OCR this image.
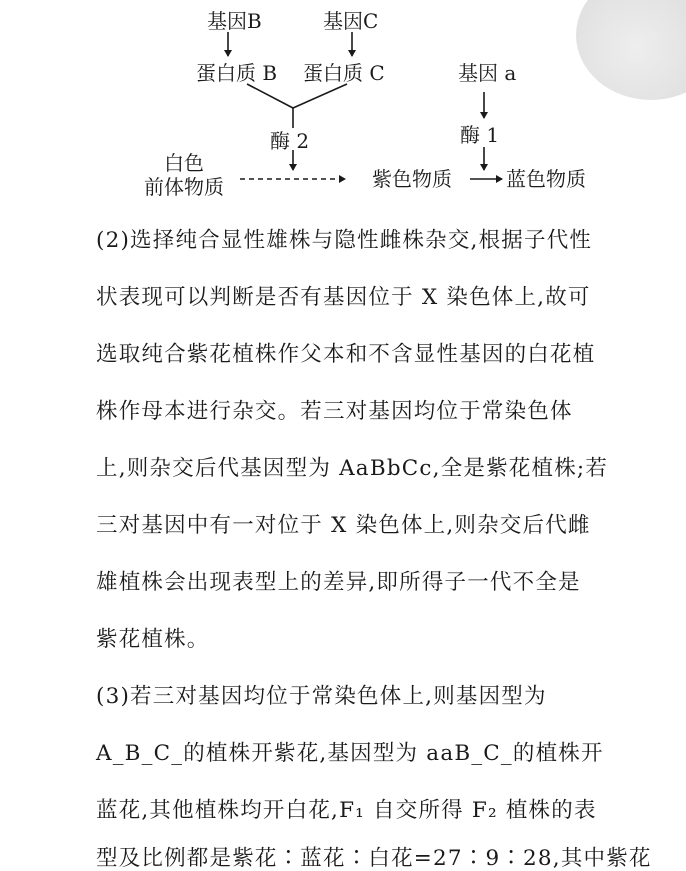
基因B	基因C
蛋白质 B 蛋白质 C
酶 2
白色
前体物质	紫色物质
基因 a
酶 1
蓝色物质
(2)选择纯合显性雄株与隐性雌株杂交,根据子代性
状表现可以判断是否有基因位于 X 染色体上,故可
选取纯合紫花植株作父本和不含显性基因的白花植
株作母本进行杂交。若三对基因均位于常染色体
上,则杂交后代基因型为 AaBbCc,全是紫花植株;若
三对基因中有一对位于 X 染色体上,则杂交后代雌
雄植株会出现表型上的差异,即所得子一代不全是
紫花植株。
(3)若三对基因均位于常染色体上,则基因型为
A_B_C_的植株开紫花,基因型为 aaB_C_的植株开
蓝花,其他植株均开白花,F₁ 自交所得 F₂ 植株的表
型及比例都是紫花∶蓝花∶白花=27∶9∶28,其中紫花
